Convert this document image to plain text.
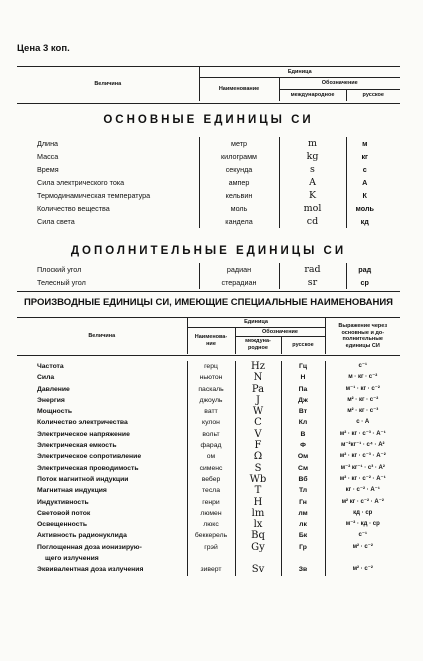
Цена 3 коп.
Величина	Единица		
	Наименование	Обозначение	
		международное	русское
ОСНОВНЫЕ ЕДИНИЦЫ СИ
Длина	метр	m	м
Масса	килограмм	kg	кг
Время	секунда	s	с
Сила электрического тока	ампер	A	А
Термодинамическая температура	кельвин	K	К
Количество вещества	моль	mol	моль
Сила света	кандела	cd	кд
ДОПОЛНИТЕЛЬНЫЕ ЕДИНИЦЫ СИ
Плоский угол	радиан	rad	рад
Телесный угол	стерадиан	sr	ср
ПРОИЗВОДНЫЕ ЕДИНИЦЫ СИ, ИМЕЮЩИЕ СПЕЦИАЛЬНЫЕ НАИМЕНОВАНИЯ
Величина	Единица			Выражение через
основные и до-
полнительные
единицы СИ

	Наименова-
ние	Обозначение		

		междуна-
родное	русское	
Частота	герц	Hz	Гц	с⁻¹
Сила	ньютон	N	Н	м · кг · с⁻²
Давление	паскаль	Pa	Па	м⁻¹ · кг · с⁻²
Энергия	джоуль	J	Дж	м² · кг · с⁻²
Мощность	ватт	W	Вт	м² · кг · с⁻³
Количество электричества	кулон	C	Кл	с · А
Электрическое напряжение	вольт	V	В	м² · кг · с⁻³ · А⁻¹
Электрическая емкость	фарад	F	Ф	м⁻²кг⁻¹ · с⁴ · А²
Электрическое сопротивление	ом	Ω	Ом	м² · кг · с⁻³ · А⁻²
Электрическая проводимость	сименс	S	См	м⁻² кг⁻¹ · с³ · А²
Поток магнитной индукции	вебер	Wb	Вб	м² · кг · с⁻² · А⁻¹
Магнитная индукция	тесла	T	Тл	кг · с⁻² · А⁻¹
Индуктивность	генри	H	Гн	м² кг · с⁻² · А⁻²
Световой поток	люмен	lm	лм	кд · ср
Освещенность	люкс	lx	лк	м⁻² · кд · ср
Активность радионуклида	беккерель	Bq	Бк	с⁻¹
Поглощенная доза ионизирую-	грэй	Gy	Гр	м² · с⁻²
щего излучения				
Эквивалентная доза излучения	зиверт	Sv	Зв	м² · с⁻²
